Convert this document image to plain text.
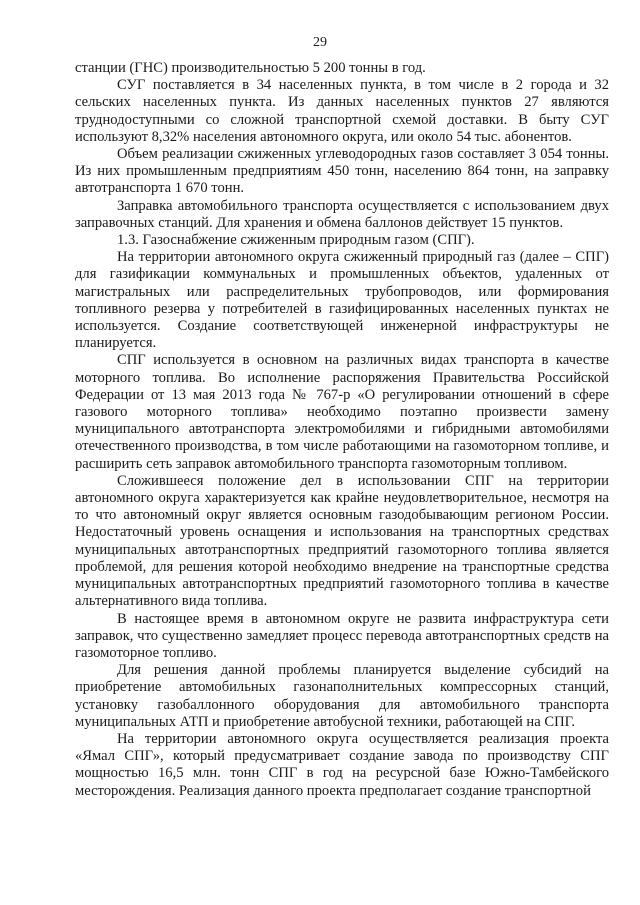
29

станции (ГНС) производительностью 5 200 тонны в год.

СУГ поставляется в 34 населенных пункта, в том числе в 2 города и 32 сельских населенных пункта. Из данных населенных пунктов 27 являются труднодоступными со сложной транспортной схемой доставки. В быту СУГ используют 8,32% населения автономного округа, или около 54 тыс. абонентов.

Объем реализации сжиженных углеводородных газов составляет 3 054 тонны. Из них промышленным предприятиям 450 тонн, населению 864 тонн, на заправку автотранспорта 1 670 тонн.

Заправка автомобильного транспорта осуществляется с использованием двух заправочных станций. Для хранения и обмена баллонов действует 15 пунктов.

1.3. Газоснабжение сжиженным природным газом (СПГ).

На территории автономного округа сжиженный природный газ (далее – СПГ) для газификации коммунальных и промышленных объектов, удаленных от магистральных или распределительных трубопроводов, или формирования топливного резерва у потребителей в газифицированных населенных пунктах не используется. Создание соответствующей инженерной инфраструктуры не планируется.

СПГ используется в основном на различных видах транспорта в качестве моторного топлива. Во исполнение распоряжения Правительства Российской Федерации от 13 мая 2013 года № 767-р «О регулировании отношений в сфере газового моторного топлива» необходимо поэтапно произвести замену муниципального автотранспорта электромобилями и гибридными автомобилями отечественного производства, в том числе работающими на газомоторном топливе, и расширить сеть заправок автомобильного транспорта газомоторным топливом.

Сложившееся положение дел в использовании СПГ на территории автономного округа характеризуется как крайне неудовлетворительное, несмотря на то что автономный округ является основным газодобывающим регионом России. Недостаточный уровень оснащения и использования на транспортных средствах муниципальных автотранспортных предприятий газомоторного топлива является проблемой, для решения которой необходимо внедрение на транспортные средства муниципальных автотранспортных предприятий газомоторного топлива в качестве альтернативного вида топлива.

В настоящее время в автономном округе не развита инфраструктура сети заправок, что существенно замедляет процесс перевода автотранспортных средств на газомоторное топливо.

Для решения данной проблемы планируется выделение субсидий на приобретение автомобильных газонаполнительных компрессорных станций, установку газобаллонного оборудования для автомобильного транспорта муниципальных АТП и приобретение автобусной техники, работающей на СПГ.

На территории автономного округа осуществляется реализация проекта «Ямал СПГ», который предусматривает создание завода по производству СПГ мощностью 16,5 млн. тонн СПГ в год на ресурсной базе Южно-Тамбейского месторождения. Реализация данного проекта предполагает создание транспортной
